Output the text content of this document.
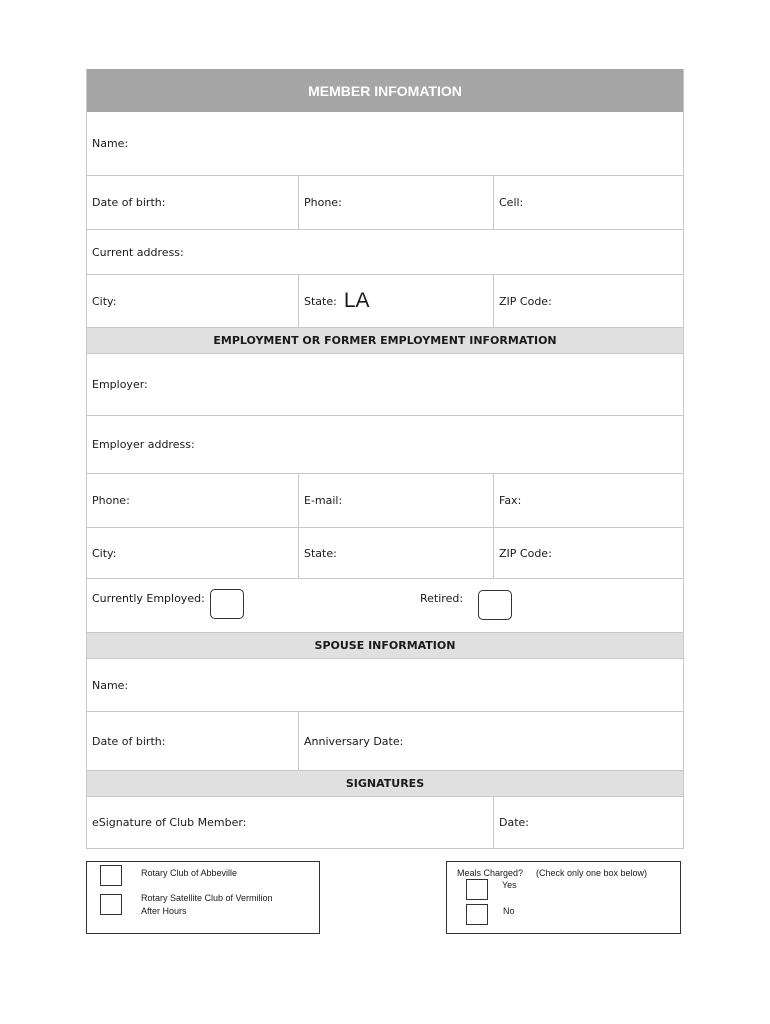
MEMBER INFOMATION
Name:
Date of birth:	Phone:	Cell:
Current address:
City:	State: LA	ZIP Code:
EMPLOYMENT OR FORMER EMPLOYMENT INFORMATION
Employer:
Employer address:
Phone:	E-mail:	Fax:
City:	State:	ZIP Code:
Currently Employed:	Retired:
SPOUSE INFORMATION
Name:
Date of birth:	Anniversary Date:
SIGNATURES
eSignature of Club Member:	Date:
Rotary Club of Abbeville
Rotary Satellite Club of Vermilion
After Hours
Meals Charged? (Check only one box below)
Yes
No
